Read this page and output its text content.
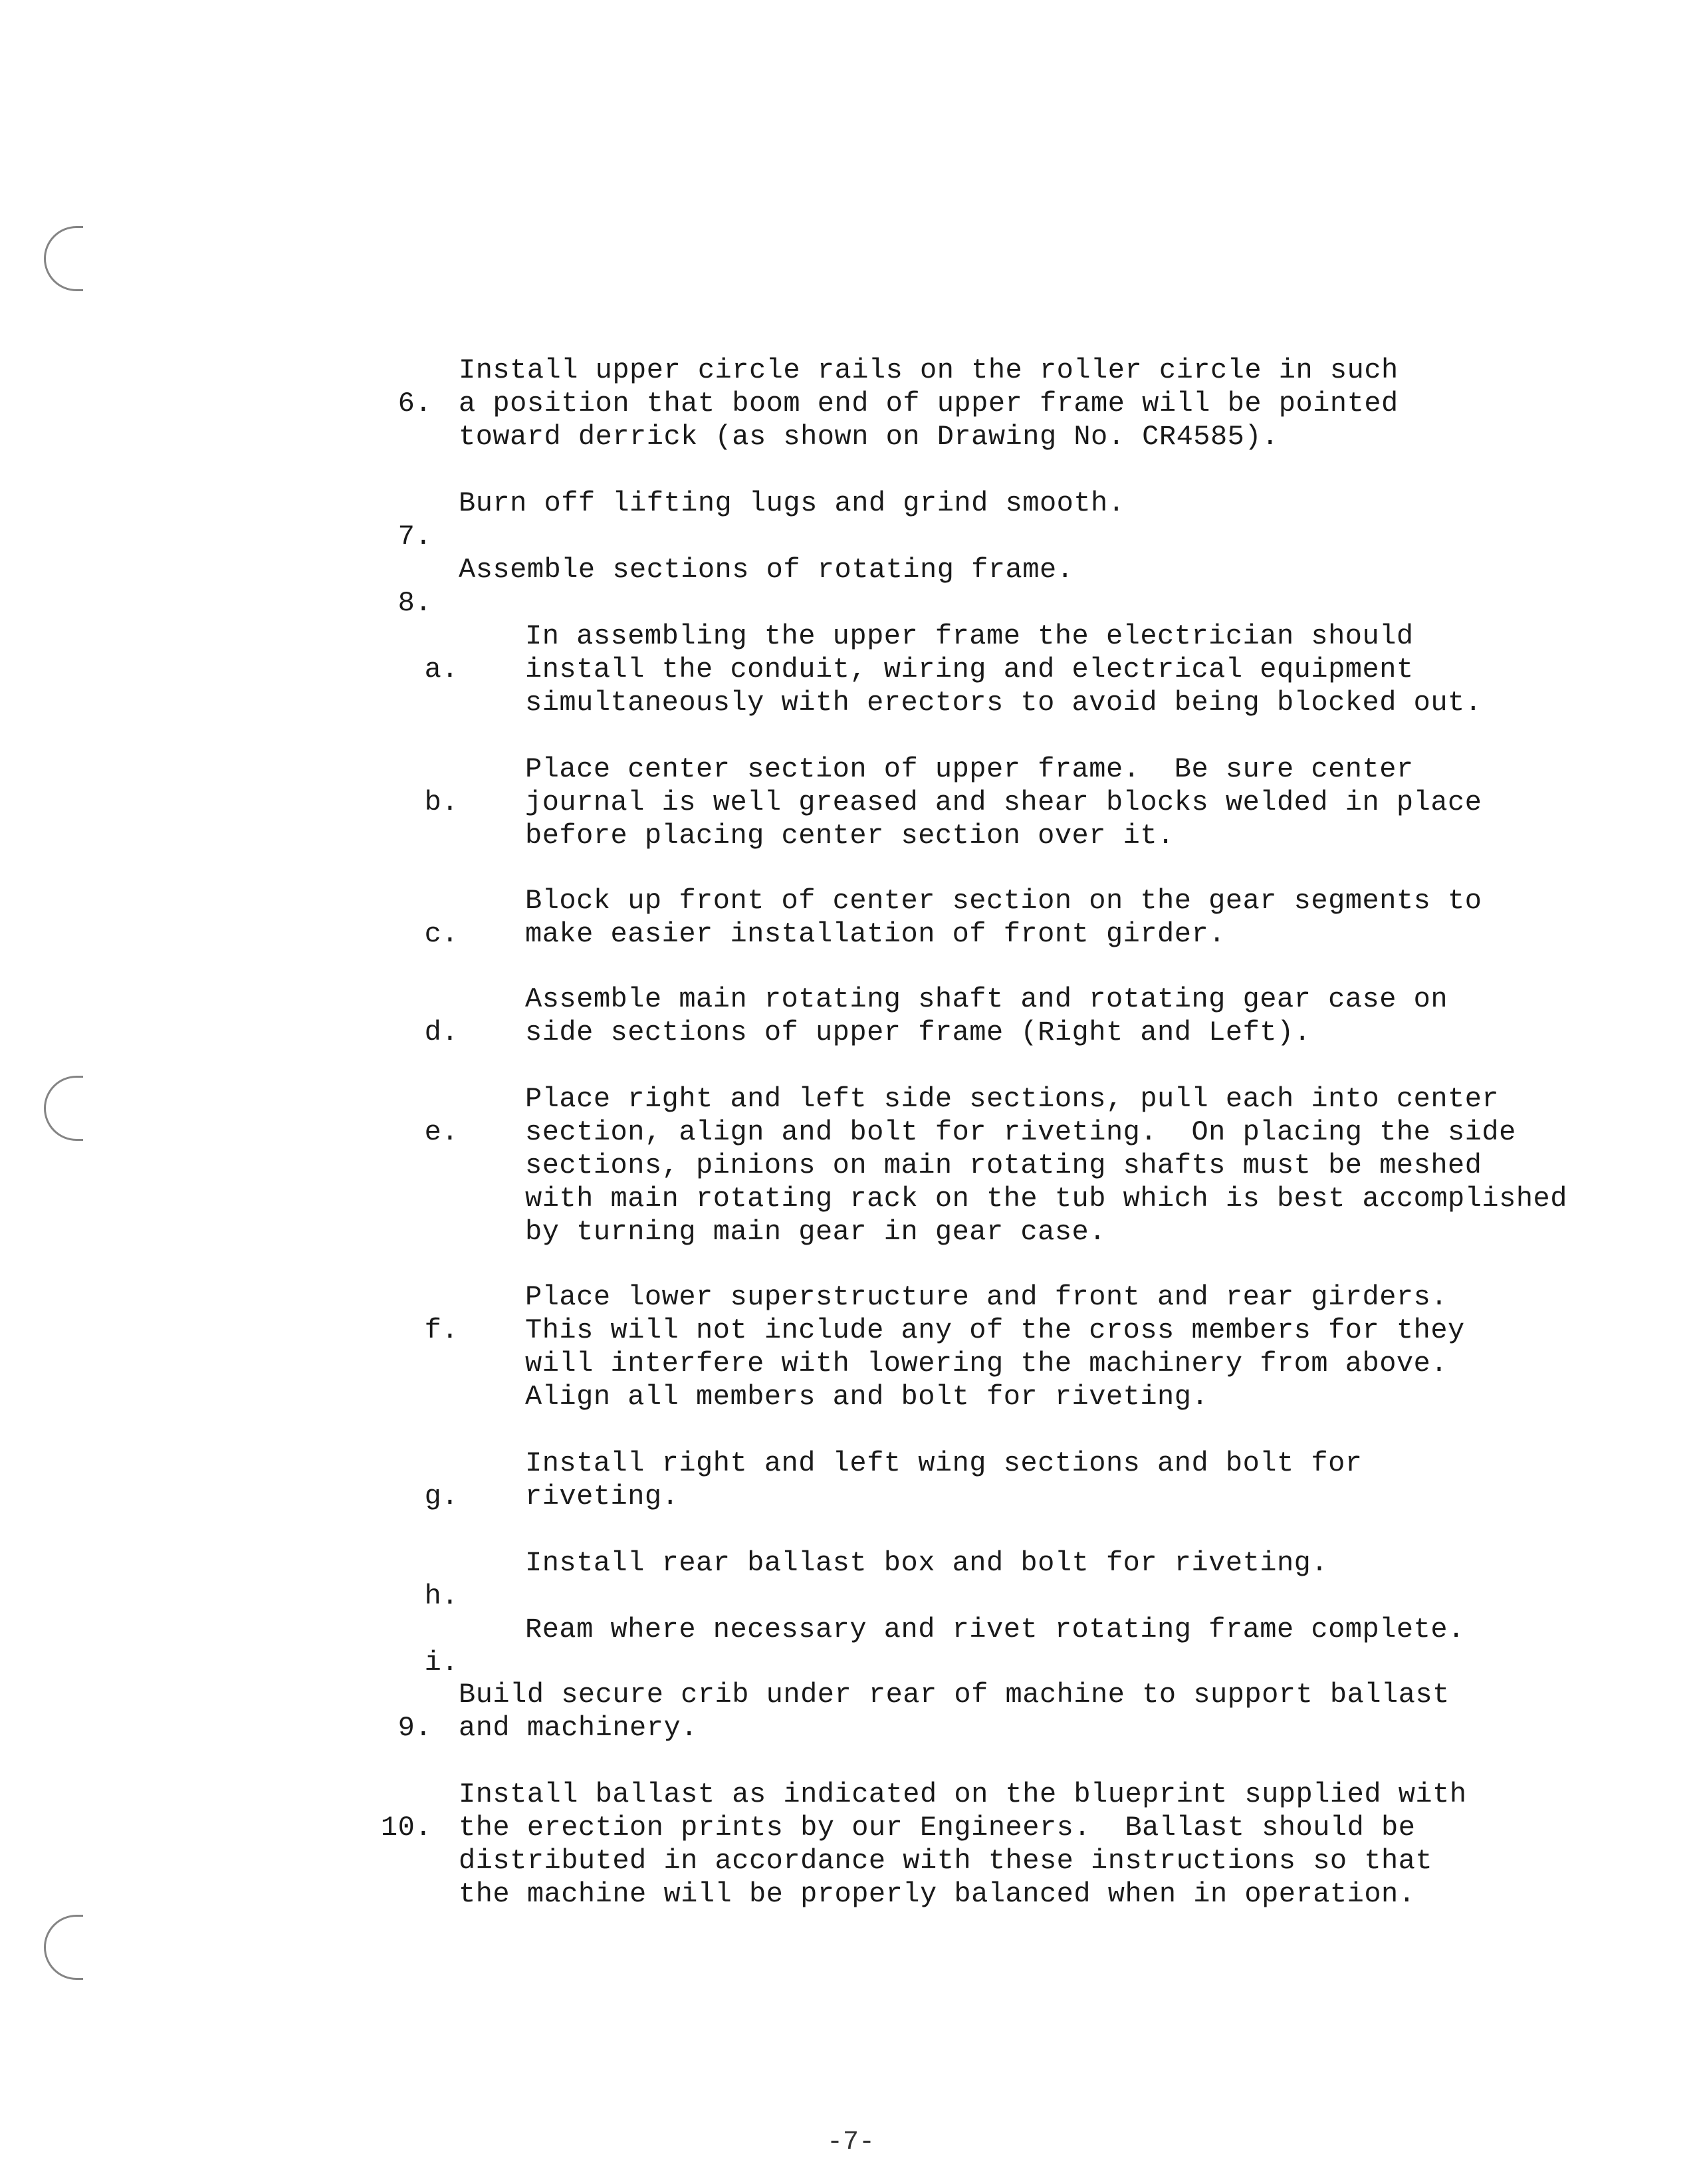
6.

Install upper circle rails on the roller circle in such

a position that boom end of upper frame will be pointed

toward derrick (as shown on Drawing No. CR4585).

7.

Burn off lifting lugs and grind smooth.

8.

Assemble sections of rotating frame.

a.

In assembling the upper frame the electrician should

install the conduit, wiring and electrical equipment

simultaneously with erectors to avoid being blocked out.

b.

Place center section of upper frame.  Be sure center

journal is well greased and shear blocks welded in place

before placing center section over it.

c.

Block up front of center section on the gear segments to

make easier installation of front girder.

d.

Assemble main rotating shaft and rotating gear case on

side sections of upper frame (Right and Left).

e.

Place right and left side sections, pull each into center

section, align and bolt for riveting.  On placing the side

sections, pinions on main rotating shafts must be meshed

with main rotating rack on the tub which is best accomplished

by turning main gear in gear case.

f.

Place lower superstructure and front and rear girders.

This will not include any of the cross members for they

will interfere with lowering the machinery from above.

Align all members and bolt for riveting.

g.

Install right and left wing sections and bolt for

riveting.

h.

Install rear ballast box and bolt for riveting.

i.

Ream where necessary and rivet rotating frame complete.

9.

Build secure crib under rear of machine to support ballast

and machinery.

10.

Install ballast as indicated on the blueprint supplied with

the erection prints by our Engineers.  Ballast should be

distributed in accordance with these instructions so that

the machine will be properly balanced when in operation.

-7-
